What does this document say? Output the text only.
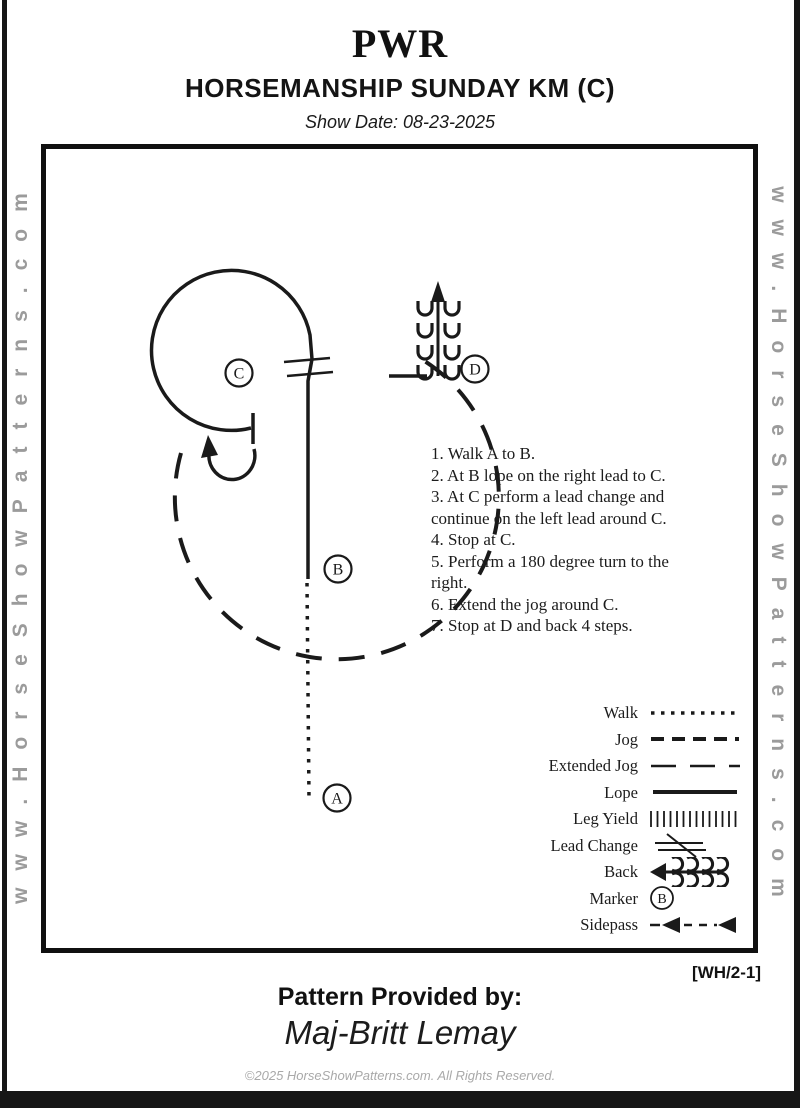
PWR
HORSEMANSHIP SUNDAY KM (C)
Show Date: 08-23-2025
www.HorseShowPatterns.com	www.HorseShowPatterns.com
C	D
B
A

1. Walk A to B.

2. At B lope on the right lead to C.

3. At C perform a lead change and
continue on the left lead around C.

4. Stop at C.

5. Perform a 180 degree turn to the
right.

6. Extend the jog around C.

7. Stop at D and back 4 steps.

Walk
Jog
Extended Jog
Lope
Leg Yield
Lead Change
Back
Marker B
Sidepass
[WH/2-1]
Pattern Provided by:
Maj-Britt Lemay
©2025 HorseShowPatterns.com. All Rights Reserved.
